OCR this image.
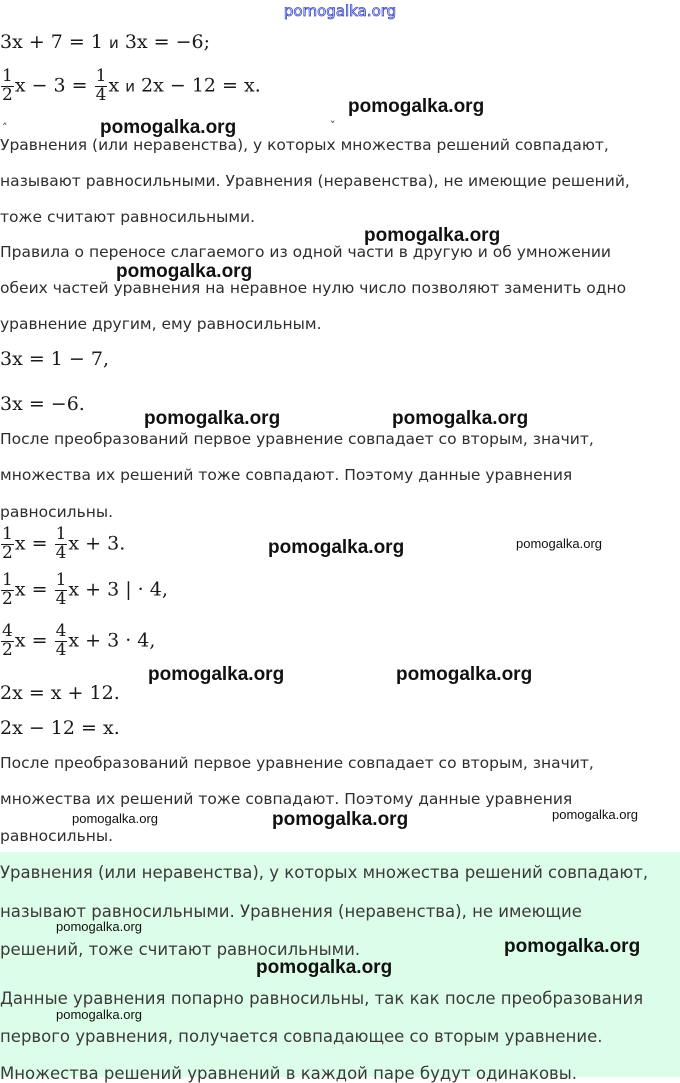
pomogalka.org
3x + 7 = 1 и 3x = −6;
$\frac{1}{2}$ $x - 3 = \frac{1}{4}$ x и 2x − 12 = x.
˄	˅
Уравнения (или неравенства), у которых множества решений совпадают,
называют равносильными. Уравнения (неравенства), не имеющие решений,
тоже считают равносильными.
Правила о переносе слагаемого из одной части в другую и об умножении
обеих частей уравнения на неравное нулю число позволяют заменить одно
уравнение другим, ему равносильным.
3x = 1 − 7,
3x = −6.
После преобразований первое уравнение совпадает со вторым, значит,
множества их решений тоже совпадают. Поэтому данные уравнения
равносильны.
$\frac{1}{2}$ $x = \frac{1}{4}$ x + 3.
$\frac{1}{2}$ $x = \frac{1}{4}$ x + 3 | · 4,
$\frac{4}{2}$ $x = \frac{4}{4}$ x + 3 · 4,
2x = x + 12.
2x − 12 = x.
После преобразований первое уравнение совпадает со вторым, значит,
множества их решений тоже совпадают. Поэтому данные уравнения
равносильны.
Уравнения (или неравенства), у которых множества решений совпадают,
называют равносильными. Уравнения (неравенства), не имеющие
решений, тоже считают равносильными.
Данные уравнения попарно равносильны, так как после преобразования
первого уравнения, получается совпадающее со вторым уравнение.
Множества решений уравнений в каждой паре будут одинаковы.
pomogalka.org
pomogalka.org
pomogalka.org
pomogalka.org
pomogalka.org	pomogalka.org
pomogalka.org	pomogalka.org
pomogalka.org	pomogalka.org
pomogalka.org	pomogalka.org	pomogalka.org
pomogalka.org
pomogalka.org
pomogalka.org
pomogalka.org
